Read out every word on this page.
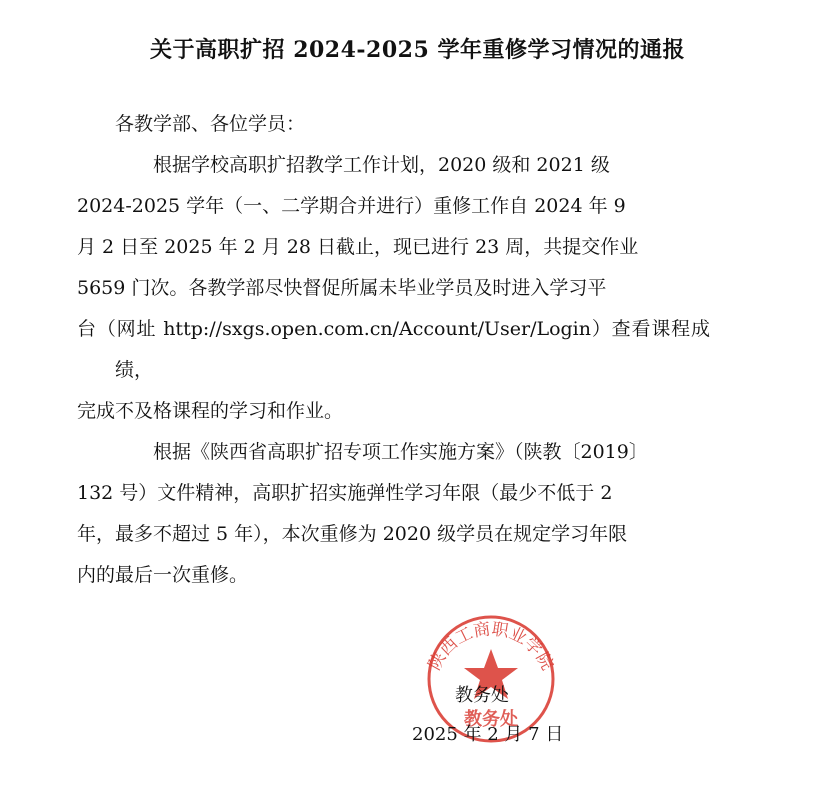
关于高职扩招 2024-2025 学年重修学习情况的通报

各教学部、各位学员：

根据学校高职扩招教学工作计划，2020 级和 2021 级
2024-2025 学年（一、二学期合并进行）重修工作自 2024 年 9
月 2 日至 2025 年 2 月 28 日截止，现已进行 23 周，共提交作业
5659 门次。各教学部尽快督促所属未毕业学员及时进入学习平
台（网址 http://sxgs.open.com.cn/Account/User/Login）查看课程成绩，
完成不及格课程的学习和作业。

根据《陕西省高职扩招专项工作实施方案》（陕教〔2019〕
132 号）文件精神，高职扩招实施弹性学习年限（最少不低于 2
年，最多不超过 5 年），本次重修为 2020 级学员在规定学习年限
内的最后一次重修。

陕西工商职业学院
教务处
教务处
2025 年 2 月 7 日
